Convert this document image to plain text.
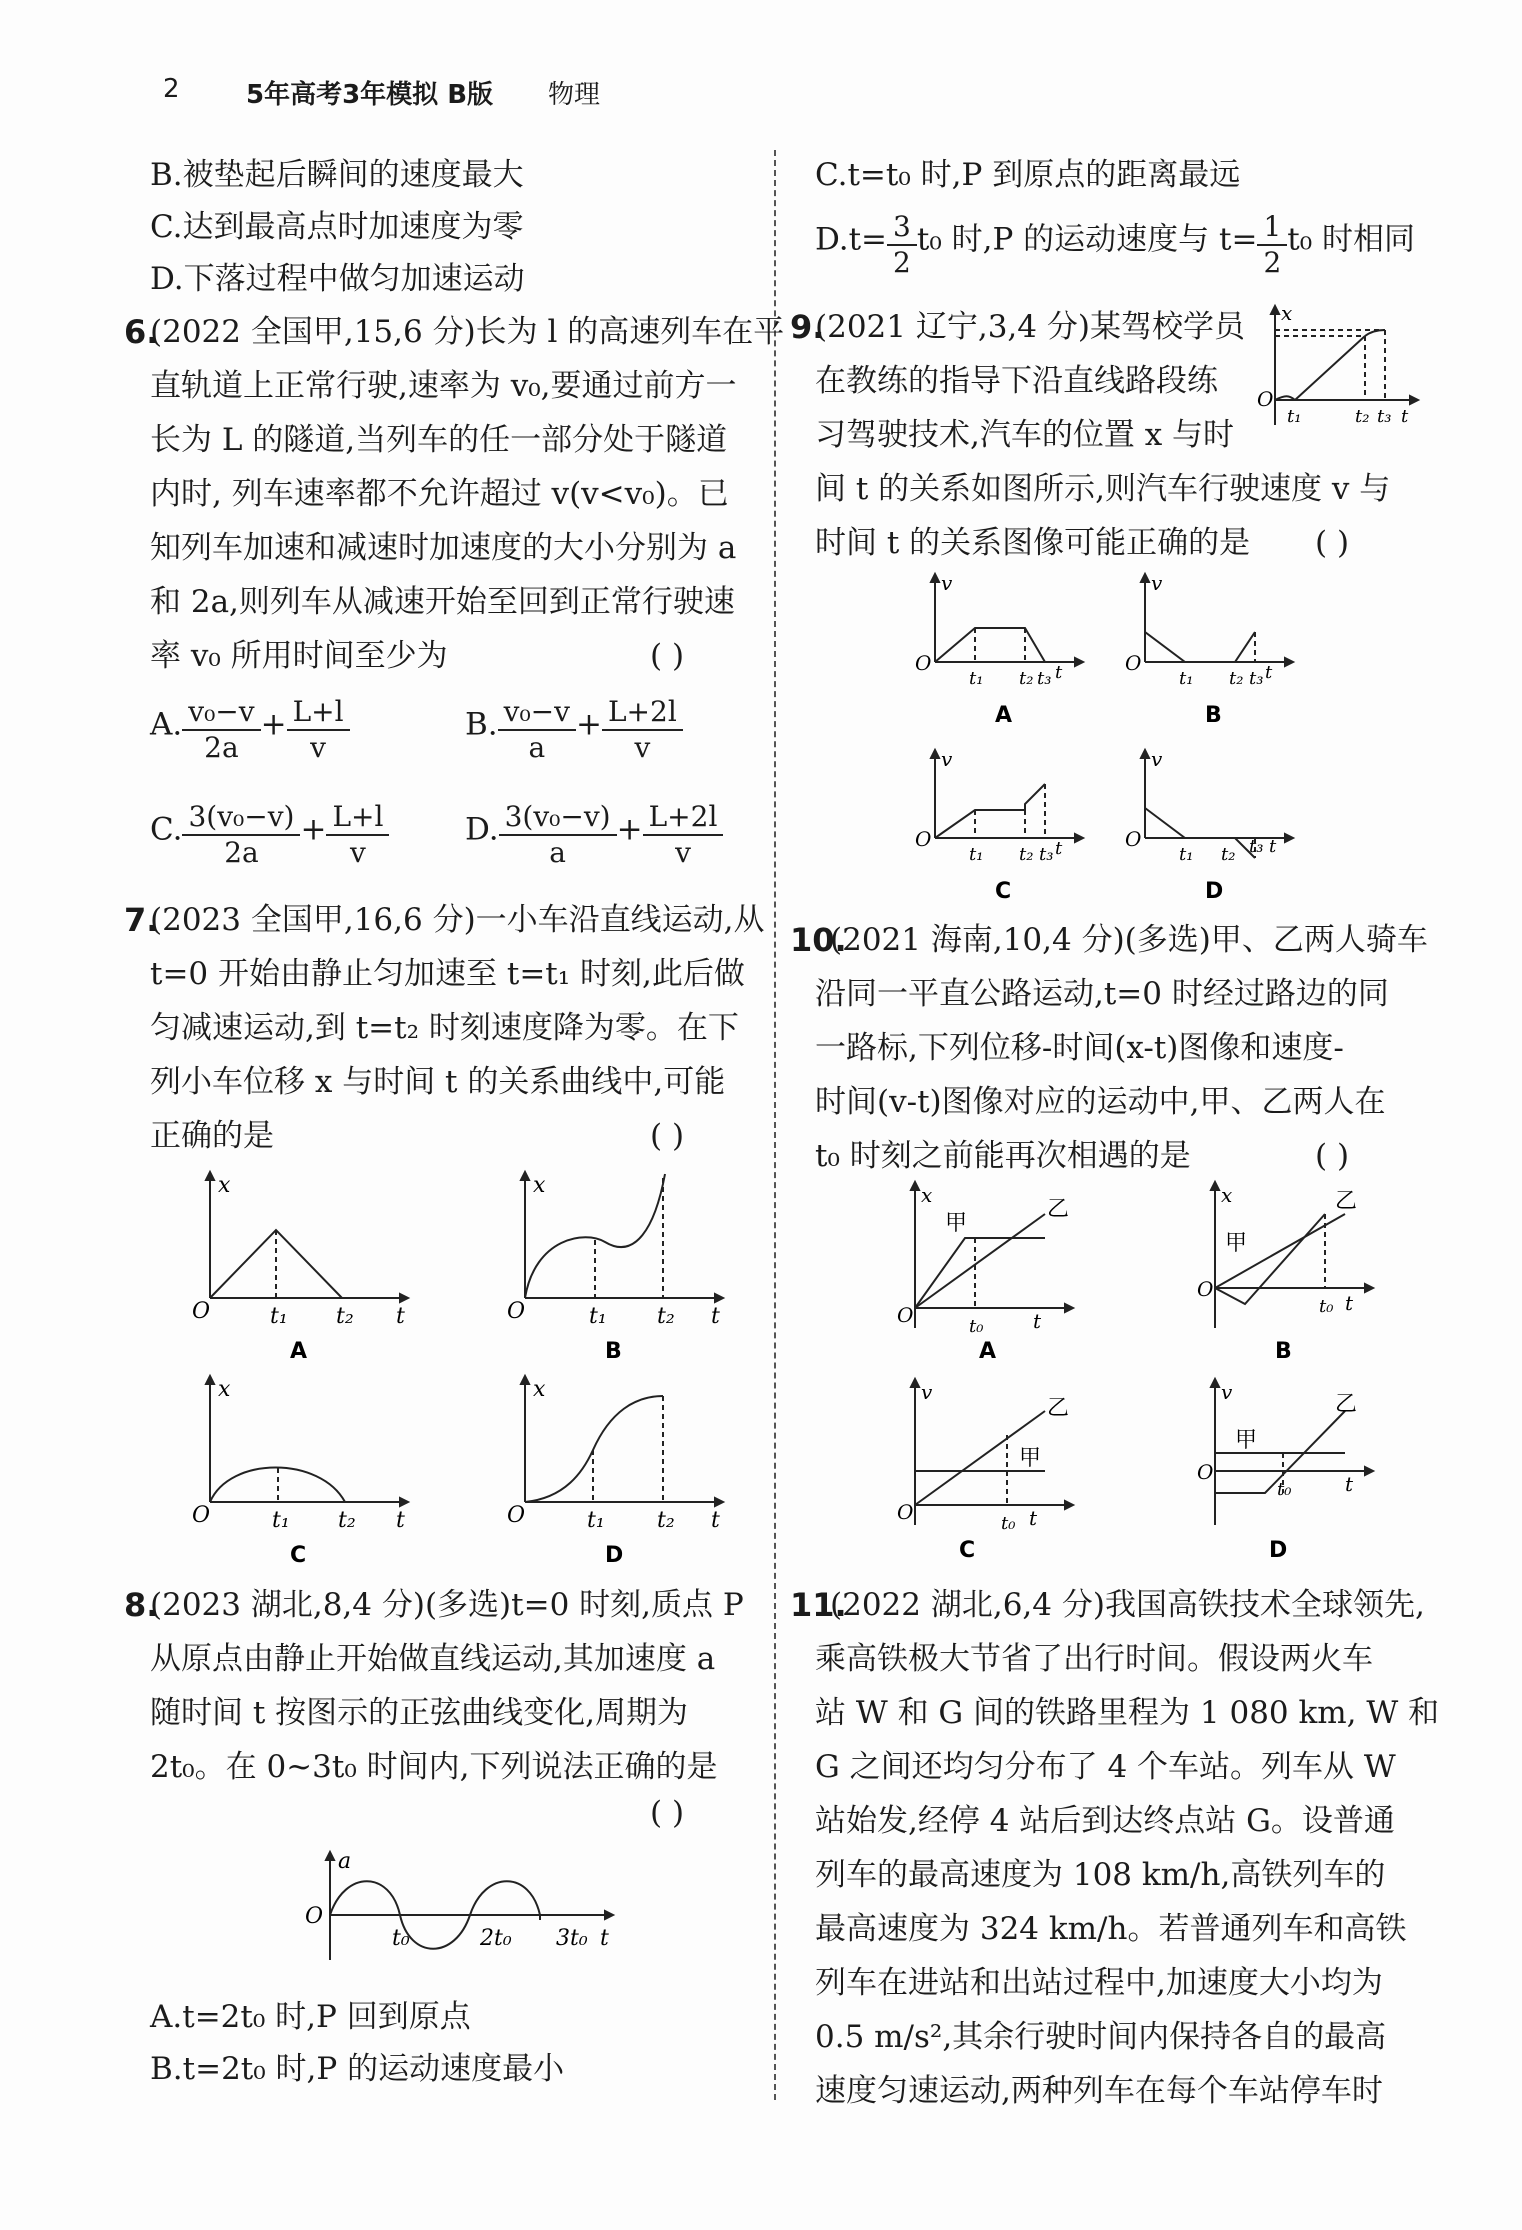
2	5年高考3年模拟 B版 物理
B.被垫起后瞬间的速度最大
C.达到最高点时加速度为零
D.下落过程中做匀加速运动
6.
(2022 全国甲,15,6 分)长为 l 的高速列车在平
直轨道上正常行驶,速率为 v₀,要通过前方一
长为 L 的隧道,当列车的任一部分处于隧道
内时, 列车速率都不允许超过 v(v<v₀)。已
知列车加速和减速时加速度的大小分别为 a
和 2a,则列车从减速开始至回到正常行驶速
率 v₀ 所用时间至少为	( )
A. $\frac{\text{v₀−v}}{2a} + \frac{L+l}{v}$	B. $\frac{\text{v₀−v}}{a} + \frac{L+2l}{v}$
C. $\frac{\text{3(v₀−v)}}{2a} + \frac{L+l}{v} D$. $\frac{\text{3(v₀−v)}}{a} + \frac{L+2l}{v}$
7.
(2023 全国甲,16,6 分)一小车沿直线运动,从
t=0 开始由静止匀加速至 t=t₁ 时刻,此后做
匀减速运动,到 t=t₂ 时刻速度降为零。在下
列小车位移 x 与时间 t 的关系曲线中,可能
正确的是	( )
x
O	t₁ t₂ t
A
x
O	t₁ t₂ t
B
x
O	t₁ t₂ t
C
x
O	t₁ t₂ t
D
8.
(2023 湖北,8,4 分)(多选)t=0 时刻,质点 P
从原点由静止开始做直线运动,其加速度 a
随时间 t 按图示的正弦曲线变化,周期为
2t₀。在 0~3t₀ 时间内,下列说法正确的是
( )
a
O
t₀	2t₀ 3t₀ t
A.t=2t₀ 时,P 回到原点
B.t=2t₀ 时,P 的运动速度最小
C.t=t₀ 时,P 到原点的距离最远
$D.t= \frac{3}{2} t_0$ 时,P 的运动速度与 $t= \frac{1}{2} t_0$ 时相同
9.
(2021 辽宁,3,4 分)某驾校学员
在教练的指导下沿直线路段练
习驾驶技术,汽车的位置 x 与时
间 t 的关系如图所示,则汽车行驶速度 v 与
时间 t 的关系图像可能正确的是	( )
x
O
t₁	t₂ t₃ t
v
O
t₁ t₂ t₃ t
A
v
O
t₁ t₂ t₃ t
B
v
O
t₁ t₂ t₃ t
C
v
O
t₁ t₂ t₃ t
D
10.
(2021 海南,10,4 分)(多选)甲、乙两人骑车
沿同一平直公路运动,t=0 时经过路边的同
一路标,下列位移-时间(x-t)图像和速度-
时间(v-t)图像对应的运动中,甲、乙两人在
t₀ 时刻之前能再次相遇的是	( )
x
O
甲
乙
t₀ t
A
x
O
甲
乙
t₀ t
B
v
O
甲
乙
t₀ t
C
v
O
甲
乙
t₀	t
D
11.
(2022 湖北,6,4 分)我国高铁技术全球领先,
乘高铁极大节省了出行时间。假设两火车
站 W 和 G 间的铁路里程为 1 080 km, W 和
G 之间还均匀分布了 4 个车站。列车从 W
站始发,经停 4 站后到达终点站 G。设普通
列车的最高速度为 108 km/h,高铁列车的
最高速度为 324 km/h。若普通列车和高铁
列车在进站和出站过程中,加速度大小均为
0.5 m/s²,其余行驶时间内保持各自的最高
速度匀速运动,两种列车在每个车站停车时
